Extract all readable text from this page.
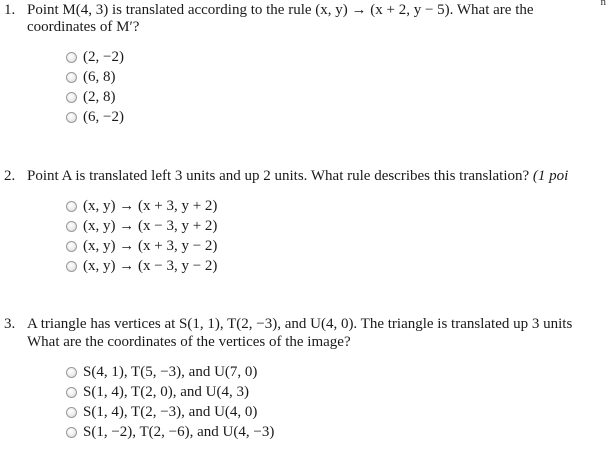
n
1. Point M(4, 3) is translated according to the rule (x, y) → (x + 2, y − 5). What are the
coordinates of M′?
(2, −2)
(6, 8)
(2, 8)
(6, −2)
2. Point A is translated left 3 units and up 2 units. What rule describes this translation? (1 poi
(x, y) → (x + 3, y + 2)
(x, y) → (x − 3, y + 2)
(x, y) → (x + 3, y − 2)
(x, y) → (x − 3, y − 2)
3. A triangle has vertices at S(1, 1), T(2, −3), and U(4, 0). The triangle is translated up 3 units
What are the coordinates of the vertices of the image?
S(4, 1), T(5, −3), and U(7, 0)
S(1, 4), T(2, 0), and U(4, 3)
S(1, 4), T(2, −3), and U(4, 0)
S(1, −2), T(2, −6), and U(4, −3)
